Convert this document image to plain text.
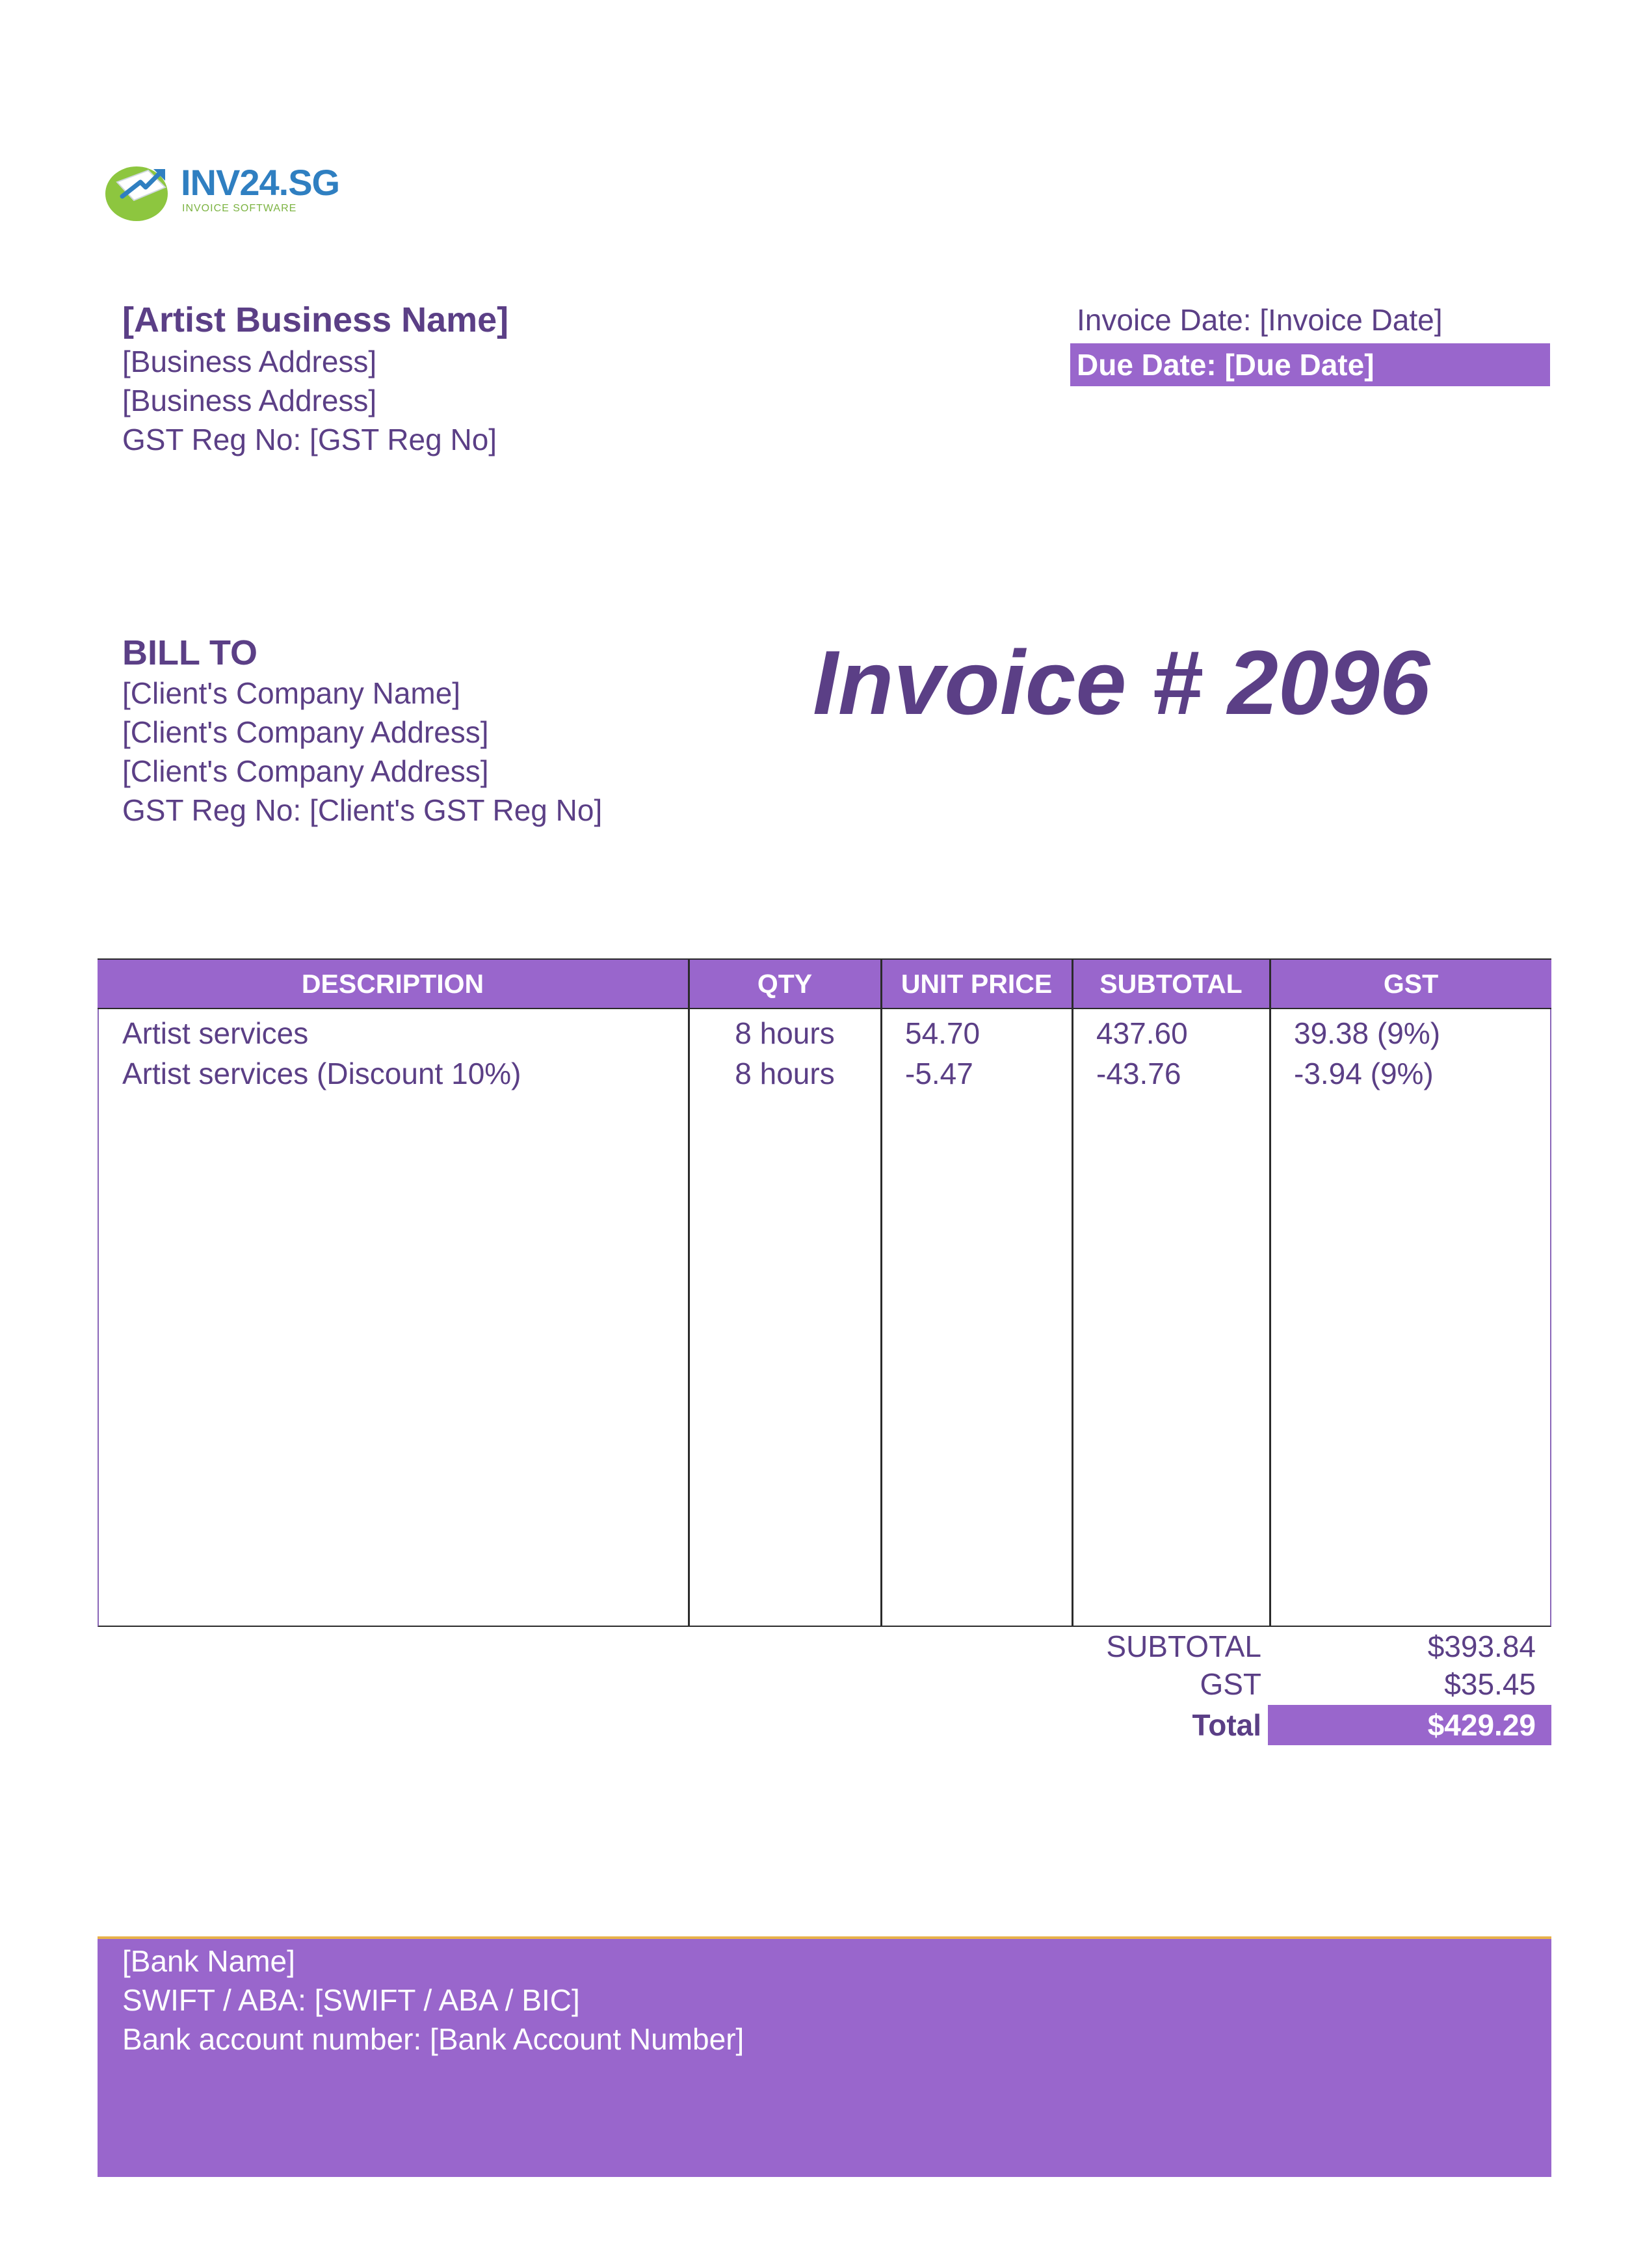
INV24.SG
INVOICE SOFTWARE
[Artist Business Name]
[Business Address]
[Business Address]
GST Reg No: [GST Reg No]
Invoice Date: [Invoice Date]
Due Date: [Due Date]
BILL TO
[Client's Company Name]
[Client's Company Address]
[Client's Company Address]
GST Reg No: [Client's GST Reg No]
Invoice # 2096
DESCRIPTION	QTY	UNIT PRICE	SUBTOTAL	GST
Artist services	8 hours	54.70	437.60	39.38 (9%)
Artist services (Discount 10%)	8 hours	-5.47	-43.76	-3.94 (9%)
SUBTOTAL	$393.84
GST	$35.45
Total	$429.29
[Bank Name]
SWIFT / ABA: [SWIFT / ABA / BIC]
Bank account number: [Bank Account Number]
